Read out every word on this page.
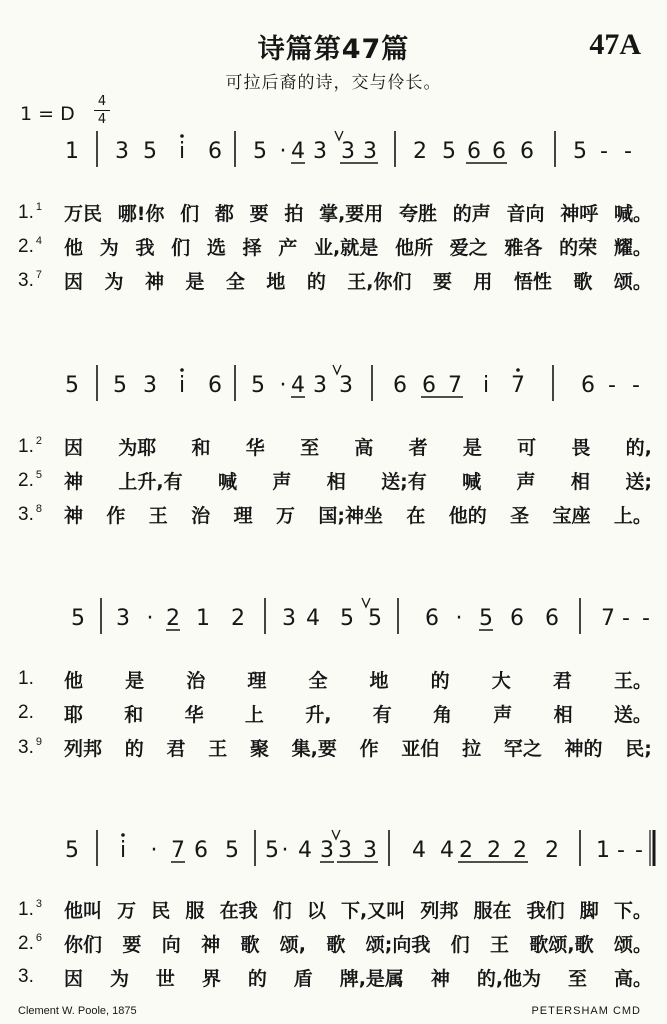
诗篇第47篇	47A
可拉后裔的诗，交与伶长。
1 = D
4
4
1 3 5 i 6 5 · 4 3 3 3 2 5 6 6 6 5 - -
5 5 3 i 6 5 · 4 3 3 6 6 7 i 7	6 - -
5 3 · 2 1 2 3 4 5 5 6 · 5 6 6 7 - -
5 i · 7 6 5 5 · 4 3 3 3 4 4 2 2 2 2 1 - -
1. $^1$	万民 哪!你 们 都 要 拍 掌,要用 夸胜 的声 音向 神呼 喊。
2. $^4$	他 为 我 们 选 择 产 业,就是 他所 爱之 雅各 的荣 耀。
3. $^7$	因 为 神 是 全 地 的 王,你们 要 用 悟性 歌 颂。
1. $^2$	因 为耶 和 华 至 高 者 是 可 畏 的,
2. $^5$	神 上升,有 喊 声 相 送;有 喊 声 相 送;
3. $^8$	神 作 王 治 理 万 国;神坐 在 他的 圣 宝座 上。
1.	他 是 治 理 全 地 的 大 君 王。
2.	耶 和 华 上 升, 有 角 声 相 送。
3. $^9$	列邦 的 君 王 聚 集,要 作 亚伯 拉 罕之 神的 民;
1. $^3$	他叫 万 民 服 在我 们 以 下,又叫 列邦 服在 我们 脚 下。
2. $^6$	你们 要 向 神 歌 颂, 歌 颂;向我 们 王 歌颂,歌 颂。
3.	因 为 世 界 的 盾 牌,是属 神 的,他为 至 高。
Clement W. Poole, 1875	PETERSHAM CMD
